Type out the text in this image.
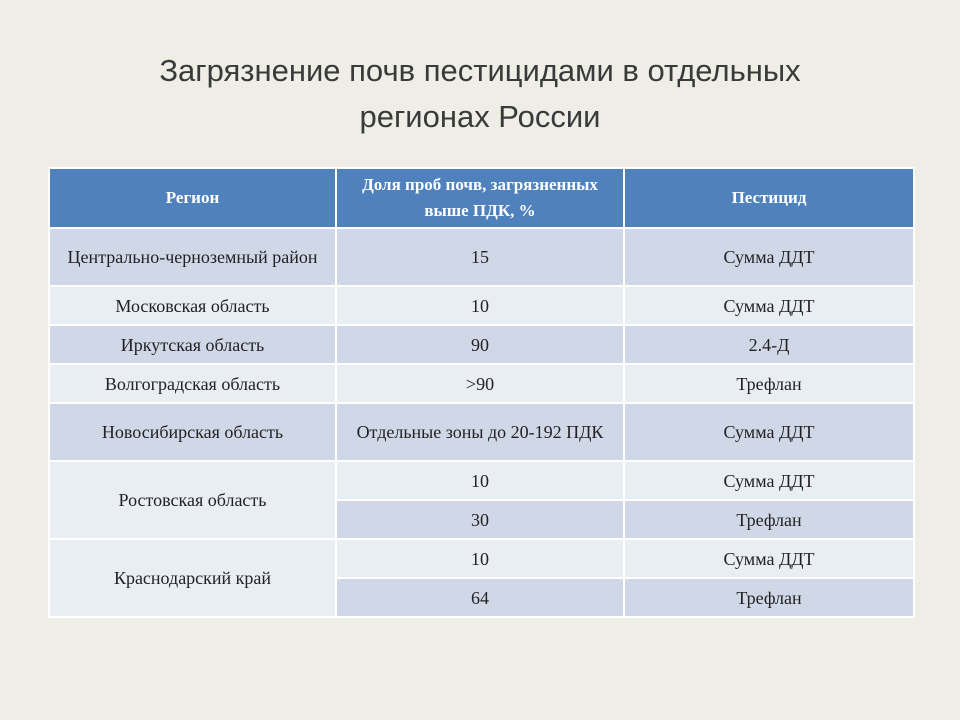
Загрязнение почв пестицидами в отдельных
регионах России
Регион	Доля проб почв, загрязненных выше ПДК, %	Пестицид
Центрально-черноземный район	15	Сумма ДДТ
Московская область	10	Сумма ДДТ
Иркутская область	90	2.4-Д
Волгоградская область	>90	Трефлан
Новосибирская область	Отдельные зоны до 20-192 ПДК	Сумма ДДТ
Ростовская область	10	Сумма ДДТ
	30	Трефлан
Краснодарский край	10	Сумма ДДТ
	64	Трефлан
